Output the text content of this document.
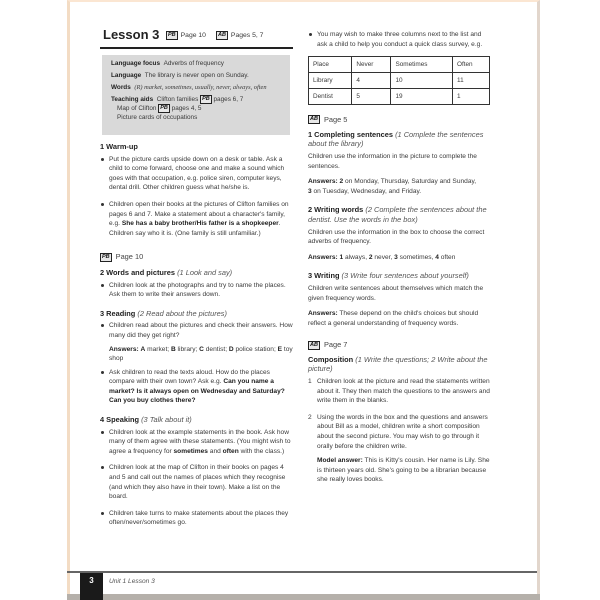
Lesson 3	PB Page 10	AB Pages 5, 7

Language focus Adverbs of frequency

Language The library is never open on Sunday.

Words (R) market, sometimes, usually, never, always, often

Teaching aids Clifton families PB pages 6, 7

Map of Clifton PB pages 4, 5

Picture cards of occupations

1 Warm-up
Put the picture cards upside down on a desk or table. Ask a child to come forward, choose one and make a sound which goes with that occupation, e.g. police siren, computer keys, dental drill. Other children guess what he/she is.
Children open their books at the pictures of Clifton families on pages 6 and 7. Make a statement about a character's family, e.g. She has a baby brother/His father is a shopkeeper. Children say who it is. (One family is still unfamiliar.)
PB Page 10
2 Words and pictures (1 Look and say)
Children look at the photographs and try to name the places. Ask them to write their answers down.
3 Reading (2 Read about the pictures)
Children read about the pictures and check their answers. How many did they get right?

Answers: A market; B library; C dentist; D police station; E toy shop

Ask children to read the texts aloud. How do the places compare with their own town? Ask e.g. Can you name a market? Is it always open on Wednesday and Saturday? Can you buy clothes there?
4 Speaking (3 Talk about it)
Children look at the example statements in the book. Ask how many of them agree with these statements. (You might wish to agree a frequency for sometimes and often with the class.)
Children look at the map of Clifton in their books on pages 4 and 5 and call out the names of places which they recognise (and which they also have in their town). Make a list on the board.
Children take turns to make statements about the places they often/never/sometimes go.
You may wish to make three columns next to the list and ask a child to help you conduct a quick class survey, e.g.
Place	Never	Sometimes	Often
Library	4	10	11
Dentist	5	19	1
AB Page 5
1 Completing sentences (1 Complete the sentences about the library)

Children use the information in the picture to complete the sentences.

Answers: 2 on Monday, Thursday, Saturday and Sunday,
3 on Tuesday, Wednesday, and Friday.

2 Writing words (2 Complete the sentences about the dentist. Use the words in the box)

Children use the information in the box to choose the correct adverbs of frequency.

Answers: 1 always, 2 never, 3 sometimes, 4 often

3 Writing (3 Write four sentences about yourself)

Children write sentences about themselves which match the given frequency words.

Answers: These depend on the child's choices but should reflect a general understanding of frequency words.

AB Page 7
Composition (1 Write the questions; 2 Write about the picture)
1 Children look at the picture and read the statements written about it. They then match the questions to the answers and write them in the blanks.
2 Using the words in the box and the questions and answers about Bill as a model, children write a short composition about the second picture. You may wish to go through it orally before the children write.

Model answer: This is Kitty's cousin. Her name is Lily. She is thirteen years old. She's going to be a librarian because she really loves books.

3	Unit 1 Lesson 3
